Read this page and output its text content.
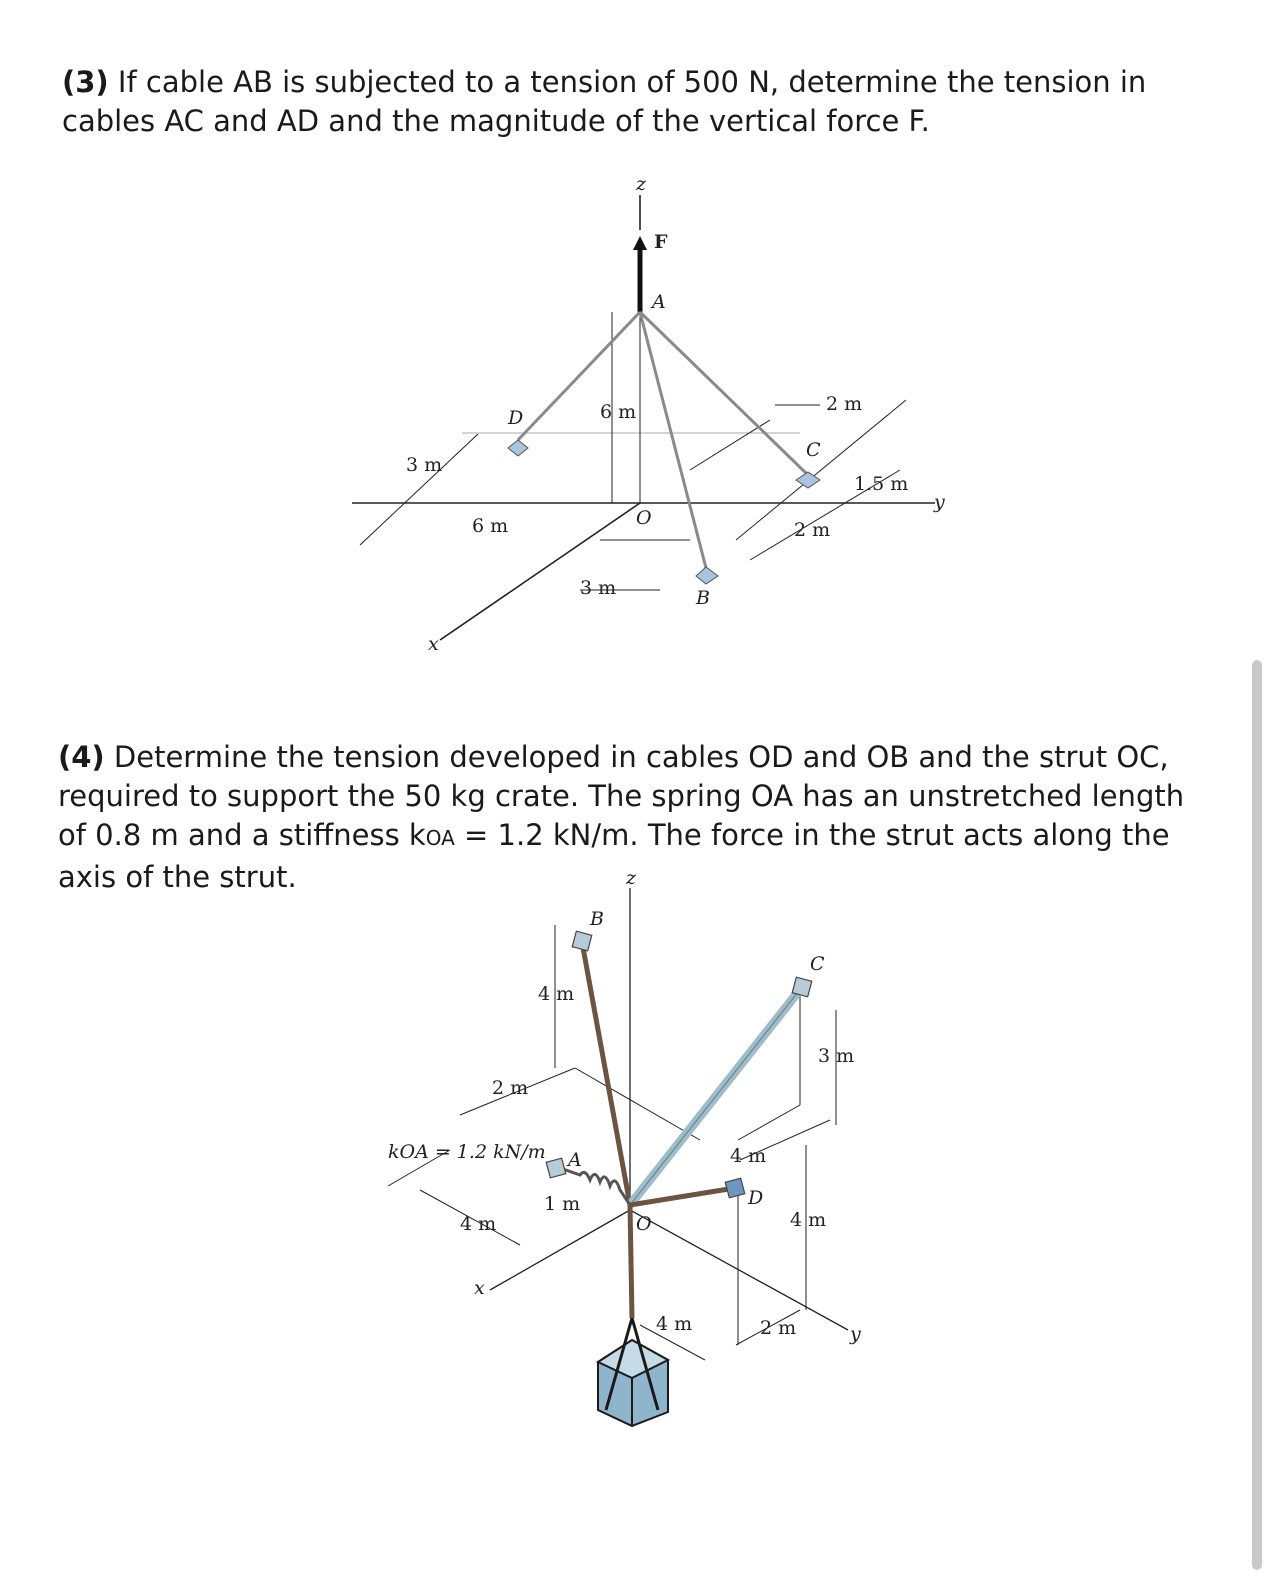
(3) If cable AB is subjected to a tension of 500 N, determine the tension in cables AC and AD and the magnitude of the vertical force F.
z
F
A
D
C
O
B
x
y
6 m	2 m
3 m
1.5 m
6 m	2 m
3 m
(4) Determine the tension developed in cables OD and OB and the strut OC, required to support the 50 kg crate. The spring OA has an unstretched length of 0.8 m and a stiffness kOA = 1.2 kN/m. The force in the strut acts along the axis of the strut.	z
B
C
A
D
O
x
y
kOA = 1.2 kN/m
4 m
3 m
2 m
4 m
1 m
4 m	4 m
4 m	2 m
